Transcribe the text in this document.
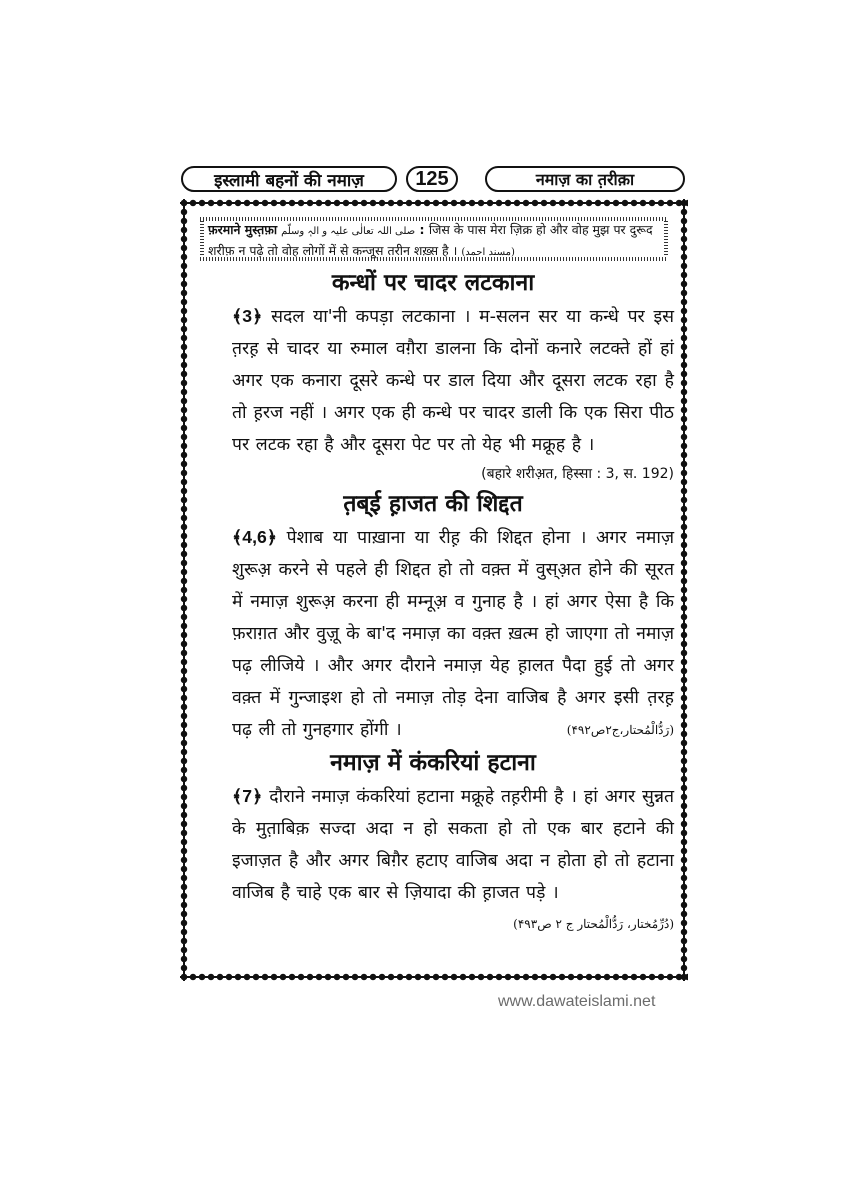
इस्लामी बहनों की नमाज़	125	नमाज़ का त़रीक़ा
फ़रमाने मुस्त़फ़ा صلی اللہ تعالٰی علیہ و الہٖ وسلّم : जिस के पास मेरा ज़िक्र हो और वोह मुझ पर दुरूद शरीफ़ न पढ़े तो वोह लोगों में से कन्जूस तरीन शख़्स है । (مسند احمد)
कन्धों पर चादर लटकाना

﴾3﴿ सदल या'नी कपड़ा लटकाना । म-सलन सर या कन्धे पर इस त़रह़ से चादर या रुमाल वग़ैरा डालना कि दोनों कनारे लटक्ते हों हां अगर एक कनारा दूसरे कन्धे पर डाल दिया और दूसरा लटक रहा है तो ह़रज नहीं । अगर एक ही कन्धे पर चादर डाली कि एक सिरा पीठ पर लटक रहा है और दूसरा पेट पर तो येह भी मक्रूह है ।

(बहारे शरीअ़त, हिस्सा : 3, स. 192)

त़ब्ई ह़ाजत की शिद्दत

﴾4,6﴿ पेशाब या पाख़ाना या रीह़ की शिद्दत होना । अगर नमाज़ शुरूअ़ करने से पहले ही शिद्दत हो तो वक़्त में वुस्अ़त होने की सूरत में नमाज़ शुरूअ़ करना ही मम्नूअ़ व गुनाह है । हां अगर ऐसा है कि फ़राग़त और वुज़ू के बा'द नमाज़ का वक़्त ख़त्म हो जाएगा तो नमाज़ पढ़ लीजिये । और अगर दौराने नमाज़ येह ह़ालत पैदा हुई तो अगर वक़्त में गुन्जाइश हो तो नमाज़ तोड़ देना वाजिब है अगर इसी त़रह़ पढ़ ली तो गुनहगार होंगी ।	(رَدُّالْمُحتار،ج۲ص۴۹۲)

नमाज़ में कंकरियां हटाना

﴾7﴿ दौराने नमाज़ कंकरियां हटाना मक्रूहे तह़रीमी है । हां अगर सुन्नत के मुत़ाबिक़ सज्दा अदा न हो सकता हो तो एक बार हटाने की इजाज़त है और अगर बिग़ैर हटाए वाजिब अदा न होता हो तो हटाना वाजिब है चाहे एक बार से ज़ियादा की ह़ाजत पड़े ।

(دُرِّمُختار، رَدُّالْمُحتار ج ۲ ص۴۹۳)

www.dawateislami.net
